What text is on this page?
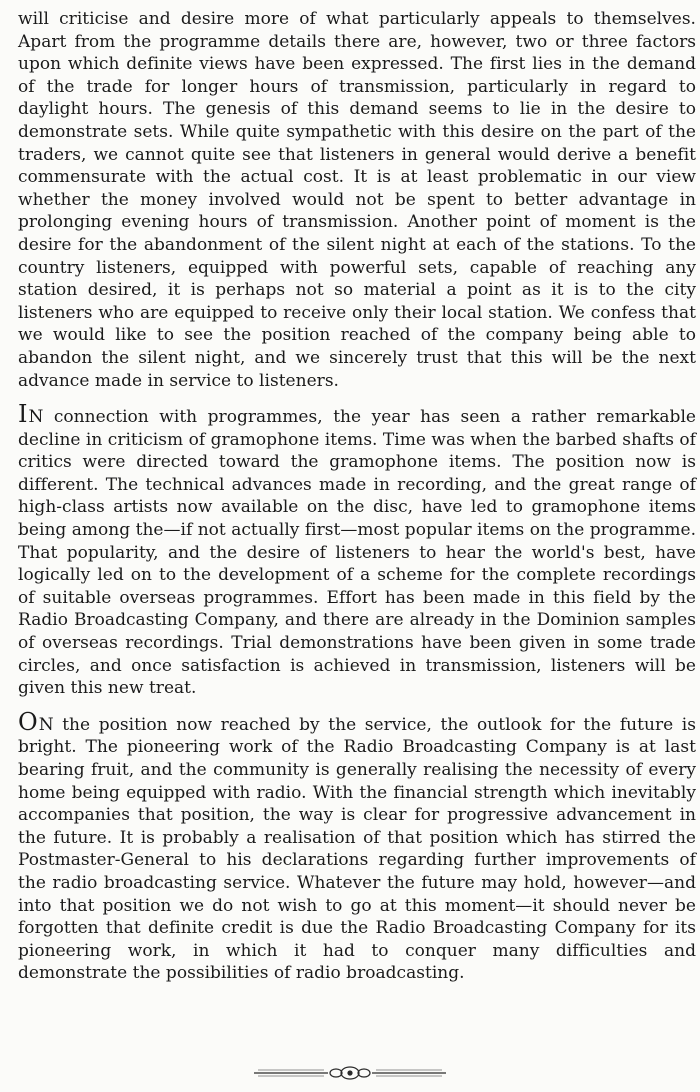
will criticise and desire more of what particularly appeals to themselves. Apart from the programme details there are, however, two or three factors upon which definite views have been expressed. The first lies in the demand of the trade for longer hours of transmission, particularly in regard to daylight hours. The genesis of this demand seems to lie in the desire to demonstrate sets. While quite sympathetic with this desire on the part of the traders, we cannot quite see that listeners in general would derive a benefit commensurate with the actual cost. It is at least problematic in our view whether the money involved would not be spent to better advantage in prolonging evening hours of transmission. Another point of moment is the desire for the abandonment of the silent night at each of the stations. To the country listeners, equipped with powerful sets, capable of reaching any station desired, it is perhaps not so material a point as it is to the city listeners who are equipped to receive only their local station. We confess that we would like to see the position reached of the company being able to abandon the silent night, and we sincerely trust that this will be the next advance made in service to listeners.

IN connection with programmes, the year has seen a rather remarkable decline in criticism of gramophone items. Time was when the barbed shafts of critics were directed toward the gramophone items. The position now is different. The technical advances made in recording, and the great range of high-class artists now available on the disc, have led to gramophone items being among the—if not actually first—most popular items on the programme. That popularity, and the desire of listeners to hear the world's best, have logically led on to the development of a scheme for the complete recordings of suitable overseas programmes. Effort has been made in this field by the Radio Broadcasting Company, and there are already in the Dominion samples of overseas recordings. Trial demonstrations have been given in some trade circles, and once satisfaction is achieved in transmission, listeners will be given this new treat.

ON the position now reached by the service, the outlook for the future is bright. The pioneering work of the Radio Broadcasting Company is at last bearing fruit, and the community is generally realising the necessity of every home being equipped with radio. With the financial strength which inevitably accompanies that position, the way is clear for progressive advancement in the future. It is probably a realisation of that position which has stirred the Postmaster-General to his declarations regarding further improvements of the radio broadcasting service. Whatever the future may hold, however—and into that position we do not wish to go at this moment—it should never be forgotten that definite credit is due the Radio Broadcasting Company for its pioneering work, in which it had to conquer many difficulties and demonstrate the possibilities of radio broadcasting.
